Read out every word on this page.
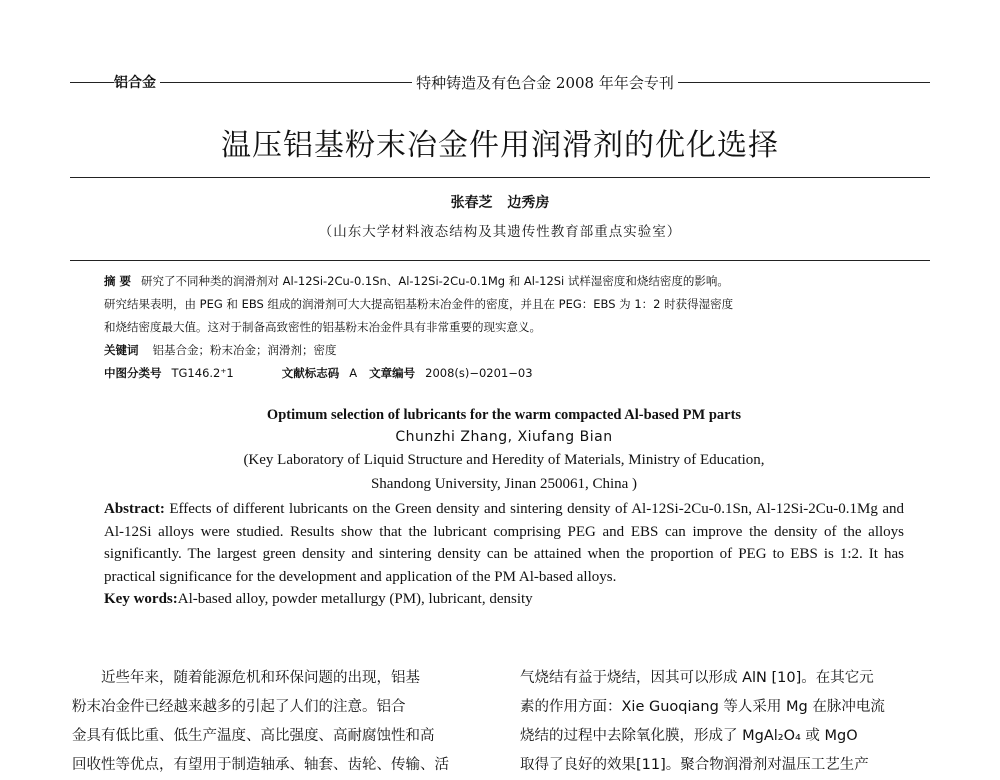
铝合金	特种铸造及有色合金 2008 年年会专刊
温压铝基粉末冶金件用润滑剂的优化选择
张春芝 边秀房
（山东大学材料液态结构及其遗传性教育部重点实验室）
摘 要 研究了不同种类的润滑剂对 Al-12Si-2Cu-0.1Sn、Al-12Si-2Cu-0.1Mg 和 Al-12Si 试样湿密度和烧结密度的影响。
研究结果表明，由 PEG 和 EBS 组成的润滑剂可大大提高铝基粉末冶金件的密度，并且在 PEG：EBS 为 1：2 时获得湿密度
和烧结密度最大值。这对于制备高致密性的铝基粉末冶金件具有非常重要的现实意义。
关键词 铝基合金；粉末冶金；润滑剂；密度
中图分类号 TG146.2⁺1	文献标志码 A 文章编号 2008(s)−0201−03
Optimum selection of lubricants for the warm compacted Al-based PM parts
Chunzhi Zhang, Xiufang Bian
(Key Laboratory of Liquid Structure and Heredity of Materials, Ministry of Education,
Shandong University, Jinan 250061, China )
Abstract: Effects of different lubricants on the Green density and sintering density of Al-12Si-2Cu-0.1Sn, Al-12Si-2Cu-0.1Mg and Al-12Si alloys were studied. Results show that the lubricant comprising PEG and EBS can improve the density of the alloys significantly. The largest green density and sintering density can be attained when the proportion of PEG to EBS is 1:2. It has practical significance for the development and application of the PM Al-based alloys.
Key words:Al-based alloy, powder metallurgy (PM), lubricant, density
近些年来，随着能源危机和环保问题的出现，铝基
粉末冶金件已经越来越多的引起了人们的注意。铝合
金具有低比重、低生产温度、高比强度、高耐腐蚀性和高
回收性等优点，有望用于制造轴承、轴套、齿轮、传输、活
气烧结有益于烧结，因其可以形成 AlN [10]。在其它元
素的作用方面：Xie Guoqiang 等人采用 Mg 在脉冲电流
烧结的过程中去除氧化膜，形成了 MgAl₂O₄ 或 MgO
取得了良好的效果[11]。聚合物润滑剂对温压工艺生产
